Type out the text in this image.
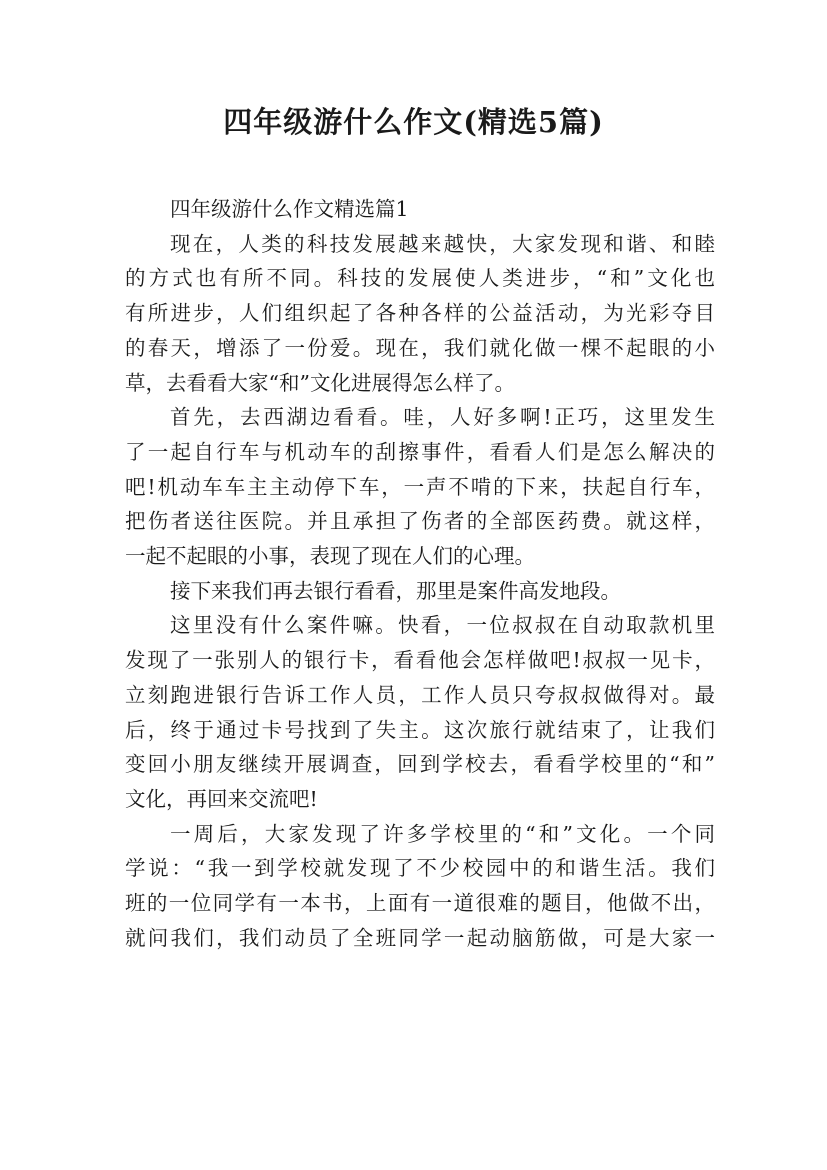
四年级游什么作文(精选5篇)

四年级游什么作文精选篇1

现在，人类的科技发展越来越快，大家发现和谐、和睦

的方式也有所不同。科技的发展使人类进步，“和”文化也

有所进步，人们组织起了各种各样的公益活动，为光彩夺目

的春天，增添了一份爱。现在，我们就化做一棵不起眼的小

草，去看看大家“和”文化进展得怎么样了。

首先，去西湖边看看。哇，人好多啊!正巧，这里发生

了一起自行车与机动车的刮擦事件，看看人们是怎么解决的

吧!机动车车主主动停下车，一声不啃的下来，扶起自行车，

把伤者送往医院。并且承担了伤者的全部医药费。就这样，

一起不起眼的小事，表现了现在人们的心理。

接下来我们再去银行看看，那里是案件高发地段。

这里没有什么案件嘛。快看，一位叔叔在自动取款机里

发现了一张别人的银行卡，看看他会怎样做吧!叔叔一见卡，

立刻跑进银行告诉工作人员，工作人员只夸叔叔做得对。最

后，终于通过卡号找到了失主。这次旅行就结束了，让我们

变回小朋友继续开展调查，回到学校去，看看学校里的“和”

文化，再回来交流吧!

一周后，大家发现了许多学校里的“和”文化。一个同

学说：“我一到学校就发现了不少校园中的和谐生活。我们

班的一位同学有一本书，上面有一道很难的题目，他做不出，

就问我们，我们动员了全班同学一起动脑筋做，可是大家一
